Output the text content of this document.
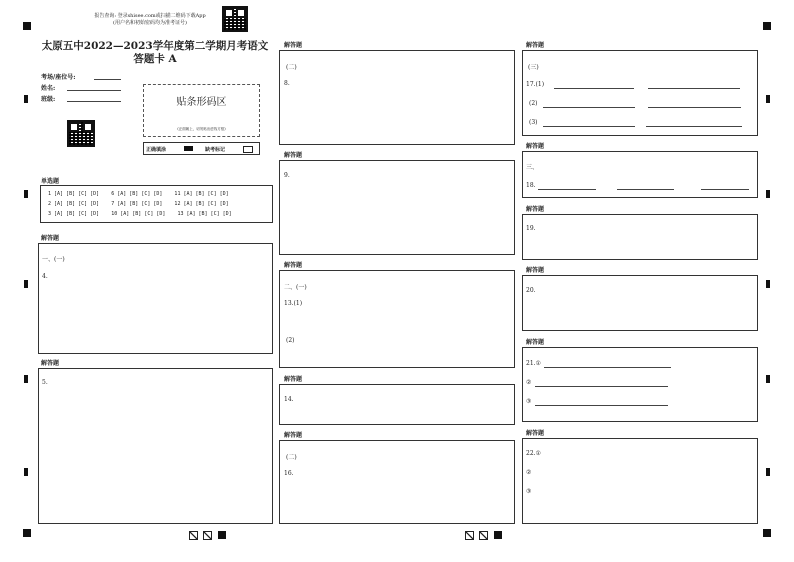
报告查询: 登录shisee.com或扫描二维码下载App
(用户名和初始密码均为准考证号)
太原五中2022—2023学年度第二学期月考语文
答题卡 A
考场/座位号:
姓名:
班级:	贴条形码区
(正面朝上，切勿贴出虚线方框)
正确填涂	缺考标记
单选题
1 [A] [B] [C] [D]    6 [A] [B] [C] [D]    11 [A] [B] [C] [D]
2 [A] [B] [C] [D]    7 [A] [B] [C] [D]    12 [A] [B] [C] [D]
3 [A] [B] [C] [D]    10 [A] [B] [C] [D]    13 [A] [B] [C] [D]
解答题
一、(一)
4.
解答题
5.
解答题
(二)
8.
解答题
9.
解答题
二、(一)
13.(1)
(2)
解答题
14.
解答题
(二)
16.
解答题
(三)
17.(1)
(2)
(3)
解答题
三、
18.
解答题
19.
解答题
20.
解答题
21.①
②
③
解答题
22.①
②
③
